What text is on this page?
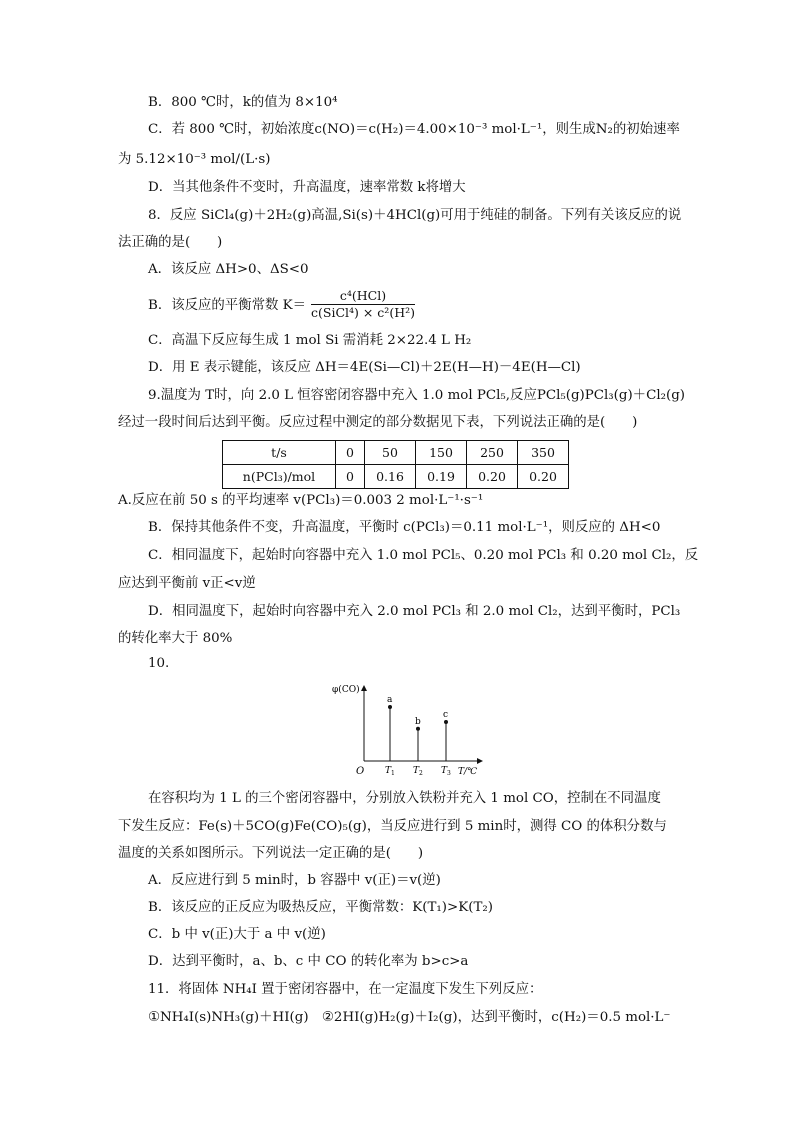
B．800 ℃时，k的值为 8×10⁴
C．若 800 ℃时，初始浓度c(NO)＝c(H₂)＝4.00×10⁻³ mol·L⁻¹，则生成N₂的初始速率
为 5.12×10⁻³ mol/(L·s)
D．当其他条件不变时，升高温度，速率常数 k将增大
8．反应 SiCl₄(g)＋2H₂(g)高温,Si(s)＋4HCl(g)可用于纯硅的制备。下列有关该反应的说
法正确的是(　　)
A．该反应 ΔH>0、ΔS<0
B．该反应的平衡常数 K＝
c⁴(HCl)
c(SiCl⁴) × c²(H²)
C．高温下反应每生成 1 mol Si 需消耗 2×22.4 L H₂
D．用 E 表示键能，该反应 ΔH＝4E(Si—Cl)＋2E(H—H)－4E(H—Cl)
9.温度为 T时，向 2.0 L 恒容密闭容器中充入 1.0 mol PCl₅,反应PCl₅(g)PCl₃(g)＋Cl₂(g)
经过一段时间后达到平衡。反应过程中测定的部分数据见下表，下列说法正确的是(　　)
t/s	0	50	150	250	350
n(PCl₃)/mol	0	0.16	0.19	0.20	0.20
A.反应在前 50 s 的平均速率 v(PCl₃)＝0.003 2 mol·L⁻¹·s⁻¹
B．保持其他条件不变，升高温度，平衡时 c(PCl₃)＝0.11 mol·L⁻¹，则反应的 ΔH<0
C．相同温度下，起始时向容器中充入 1.0 mol PCl₅、0.20 mol PCl₃ 和 0.20 mol Cl₂，反
应达到平衡前 v正<v逆
D．相同温度下，起始时向容器中充入 2.0 mol PCl₃ 和 2.0 mol Cl₂，达到平衡时，PCl₃
的转化率大于 80%
10.
φ(CO)
O	T/℃
$T_1$ $T_2$ $T_3$
a
b
c
在容积均为 1 L 的三个密闭容器中，分别放入铁粉并充入 1 mol CO，控制在不同温度
下发生反应：Fe(s)＋5CO(g)Fe(CO)₅(g)，当反应进行到 5 min时，测得 CO 的体积分数与
温度的关系如图所示。下列说法一定正确的是(　　)
A．反应进行到 5 min时，b 容器中 v(正)＝v(逆)
B．该反应的正反应为吸热反应，平衡常数：K(T₁)>K(T₂)
C．b 中 v(正)大于 a 中 v(逆)
D．达到平衡时，a、b、c 中 CO 的转化率为 b>c>a
11．将固体 NH₄I 置于密闭容器中，在一定温度下发生下列反应：
①NH₄I(s)NH₃(g)＋HI(g)　②2HI(g)H₂(g)＋I₂(g)，达到平衡时，c(H₂)＝0.5 mol·L⁻
